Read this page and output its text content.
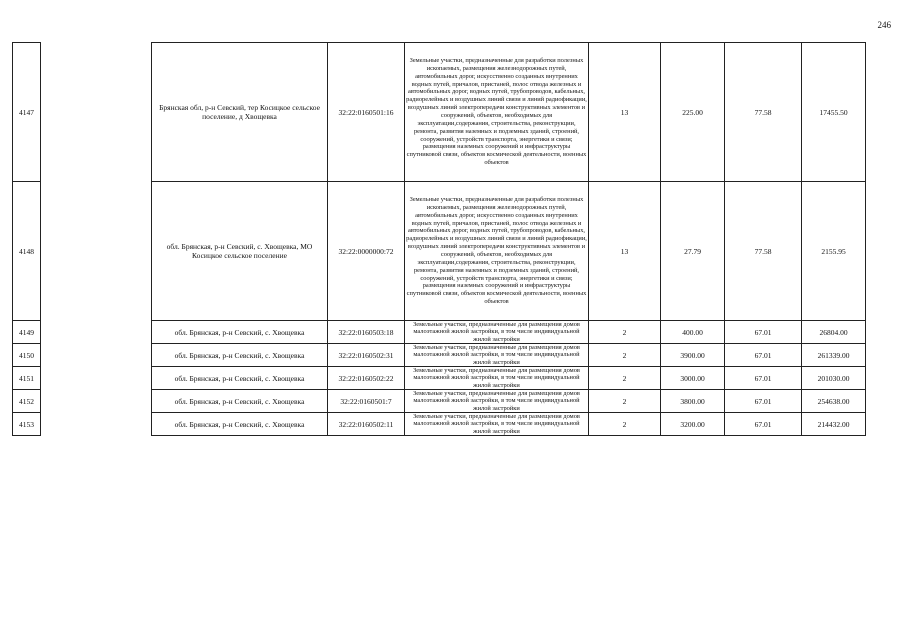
246
4147		Брянская обл, р-н Севский, тер Косицкое сельское поселение, д Хвощевка	32:22:0160501:16	Земельные участки, предназначенные для разработки полезных ископаемых, размещения железнодорожных путей, автомобильных дорог, искусственно созданных внутренних водных путей, причалов, пристаней, полос отвода железных и автомобильных дорог, водных путей, трубопроводов, кабельных, радиорелейных и воздушных линий связи и линий радиофикации, воздушных линий электропередачи конструктивных элементов и сооружений, объектов, необходимых для эксплуатации,содержания, строительства, реконструкции, ремонта, развития наземных и подземных зданий, строений, сооружений, устройств транспорта, энергетики и связи; размещения наземных сооружений и инфраструктуры спутниковой связи, объектов космической деятельности, военных объектов	13	225.00	77.58	17455.50
4148		обл. Брянская, р-н Севский, с. Хвощевка, МО Косицкое сельское поселение	32:22:0000000:72	Земельные участки, предназначенные для разработки полезных ископаемых, размещения железнодорожных путей, автомобильных дорог, искусственно созданных внутренних водных путей, причалов, пристаней, полос отвода железных и автомобильных дорог, водных путей, трубопроводов, кабельных, радиорелейных и воздушных линий связи и линий радиофикации, воздушных линий электропередачи конструктивных элементов и сооружений, объектов, необходимых для эксплуатации,содержания, строительства, реконструкции, ремонта, развития наземных и подземных зданий, строений, сооружений, устройств транспорта, энергетики и связи; размещения наземных сооружений и инфраструктуры спутниковой связи, объектов космической деятельности, военных объектов	13	27.79	77.58	2155.95
4149		обл. Брянская, р-н Севский, с. Хвощевка	32:22:0160503:18	Земельные участки, предназначенные для размещения домов малоэтажной жилой застройки, в том числе индивидуальной жилой застройки	2	400.00	67.01	26804.00
4150		обл. Брянская, р-н Севский, с. Хвощевка	32:22:0160502:31	Земельные участки, предназначенные для размещения домов малоэтажной жилой застройки, в том числе индивидуальной жилой застройки	2	3900.00	67.01	261339.00
4151		обл. Брянская, р-н Севский, с. Хвощевка	32:22:0160502:22	Земельные участки, предназначенные для размещения домов малоэтажной жилой застройки, в том числе индивидуальной жилой застройки	2	3000.00	67.01	201030.00
4152		обл. Брянская, р-н Севский, с. Хвощевка	32:22:0160501:7	Земельные участки, предназначенные для размещения домов малоэтажной жилой застройки, в том числе индивидуальной жилой застройки	2	3800.00	67.01	254638.00
4153		обл. Брянская, р-н Севский, с. Хвощевка	32:22:0160502:11	Земельные участки, предназначенные для размещения домов малоэтажной жилой застройки, в том числе индивидуальной жилой застройки	2	3200.00	67.01	214432.00
